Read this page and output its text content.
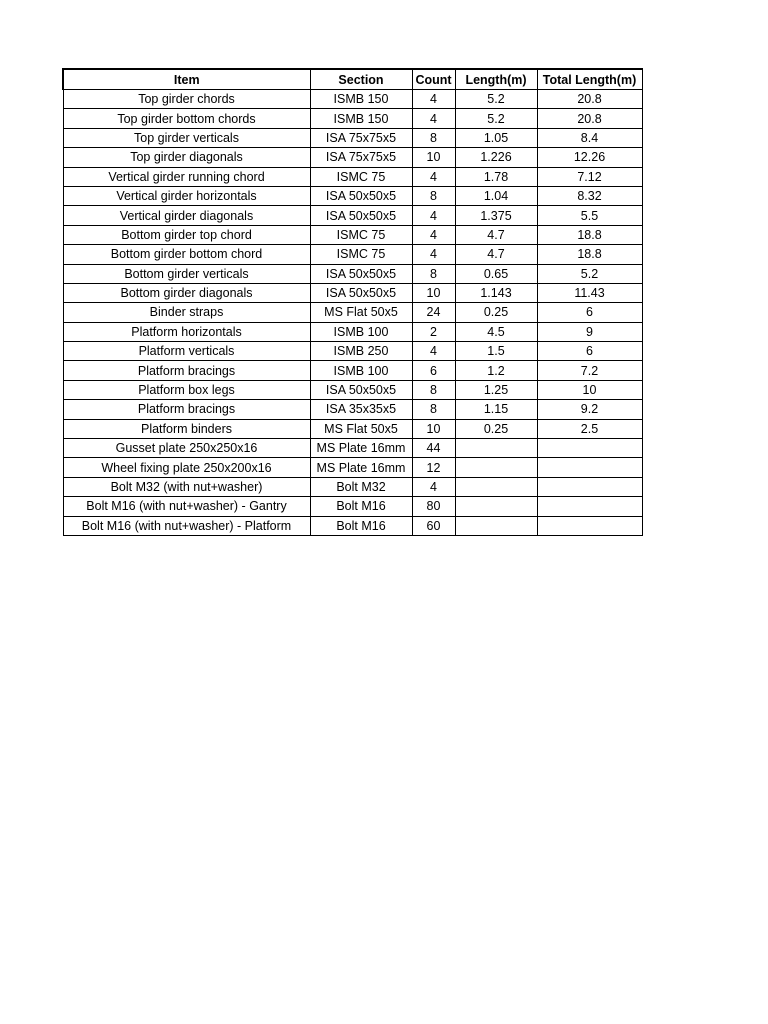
Item	Section	Count	Length(m)	Total Length(m)
Top girder chords	ISMB 150	4	5.2	20.8
Top girder bottom chords	ISMB 150	4	5.2	20.8
Top girder verticals	ISA 75x75x5	8	1.05	8.4
Top girder diagonals	ISA 75x75x5	10	1.226	12.26
Vertical girder running chord	ISMC 75	4	1.78	7.12
Vertical girder horizontals	ISA 50x50x5	8	1.04	8.32
Vertical girder diagonals	ISA 50x50x5	4	1.375	5.5
Bottom girder top chord	ISMC 75	4	4.7	18.8
Bottom girder bottom chord	ISMC 75	4	4.7	18.8
Bottom girder verticals	ISA 50x50x5	8	0.65	5.2
Bottom girder diagonals	ISA 50x50x5	10	1.143	11.43
Binder straps	MS Flat 50x5	24	0.25	6
Platform horizontals	ISMB 100	2	4.5	9
Platform verticals	ISMB 250	4	1.5	6
Platform bracings	ISMB 100	6	1.2	7.2
Platform box legs	ISA 50x50x5	8	1.25	10
Platform bracings	ISA 35x35x5	8	1.15	9.2
Platform binders	MS Flat 50x5	10	0.25	2.5
Gusset plate 250x250x16	MS Plate 16mm	44		
Wheel fixing plate 250x200x16	MS Plate 16mm	12		
Bolt M32 (with nut+washer)	Bolt M32	4		
Bolt M16 (with nut+washer) - Gantry	Bolt M16	80		
Bolt M16 (with nut+washer) - Platform	Bolt M16	60		
